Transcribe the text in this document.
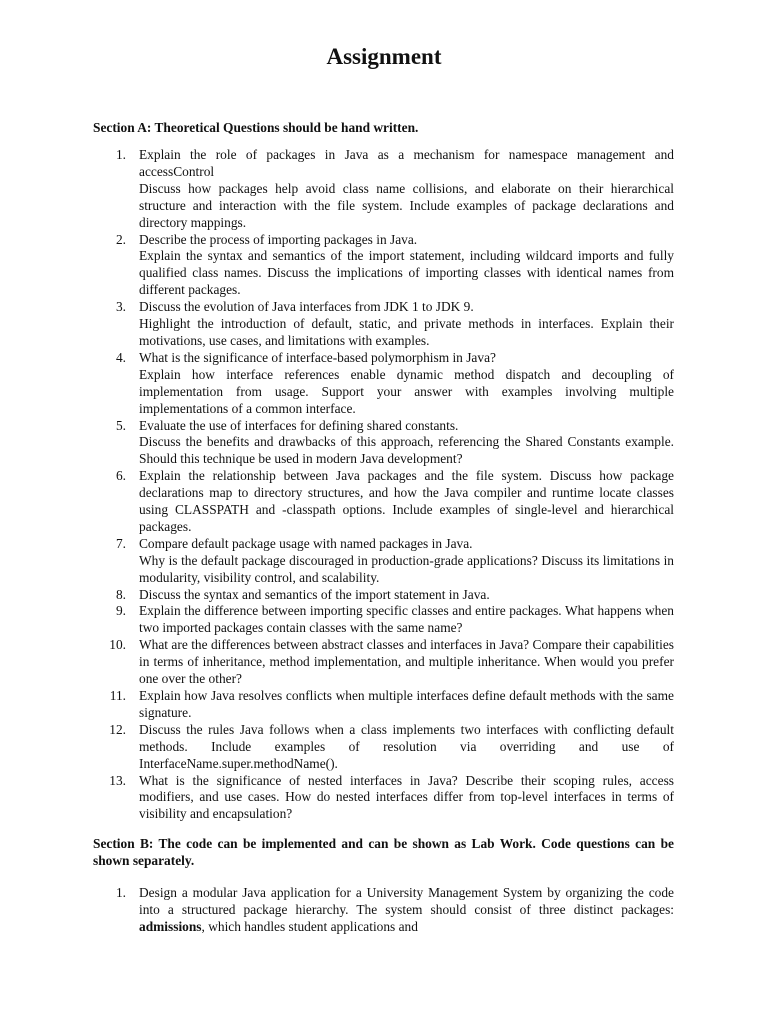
Assignment

Section A: Theoretical Questions should be hand written.

1. Explain the role of packages in Java as a mechanism for namespace management and accessControl

Discuss how packages help avoid class name collisions, and elaborate on their hierarchical structure and interaction with the file system. Include examples of package declarations and directory mappings.

2. Describe the process of importing packages in Java.

Explain the syntax and semantics of the import statement, including wildcard imports and fully qualified class names. Discuss the implications of importing classes with identical names from different packages.

3. Discuss the evolution of Java interfaces from JDK 1 to JDK 9.

Highlight the introduction of default, static, and private methods in interfaces. Explain their motivations, use cases, and limitations with examples.

4. What is the significance of interface-based polymorphism in Java?

Explain how interface references enable dynamic method dispatch and decoupling of implementation from usage. Support your answer with examples involving multiple implementations of a common interface.

5. Evaluate the use of interfaces for defining shared constants.

Discuss the benefits and drawbacks of this approach, referencing the Shared Constants example. Should this technique be used in modern Java development?

6. Explain the relationship between Java packages and the file system. Discuss how package declarations map to directory structures, and how the Java compiler and runtime locate classes using CLASSPATH and -classpath options. Include examples of single-level and hierarchical packages.

7. Compare default package usage with named packages in Java.

Why is the default package discouraged in production-grade applications? Discuss its limitations in modularity, visibility control, and scalability.

8. Discuss the syntax and semantics of the import statement in Java.

9. Explain the difference between importing specific classes and entire packages. What happens when two imported packages contain classes with the same name?

10. What are the differences between abstract classes and interfaces in Java? Compare their capabilities in terms of inheritance, method implementation, and multiple inheritance. When would you prefer one over the other?

11. Explain how Java resolves conflicts when multiple interfaces define default methods with the same signature.

12. Discuss the rules Java follows when a class implements two interfaces with conflicting default methods. Include examples of resolution via overriding and use of InterfaceName.super.methodName().

13. What is the significance of nested interfaces in Java? Describe their scoping rules, access modifiers, and use cases. How do nested interfaces differ from top-level interfaces in terms of visibility and encapsulation?

Section B: The code can be implemented and can be shown as Lab Work. Code questions can be shown separately.

1. Design a modular Java application for a University Management System by organizing the code into a structured package hierarchy. The system should consist of three distinct packages: admissions, which handles student applications and
